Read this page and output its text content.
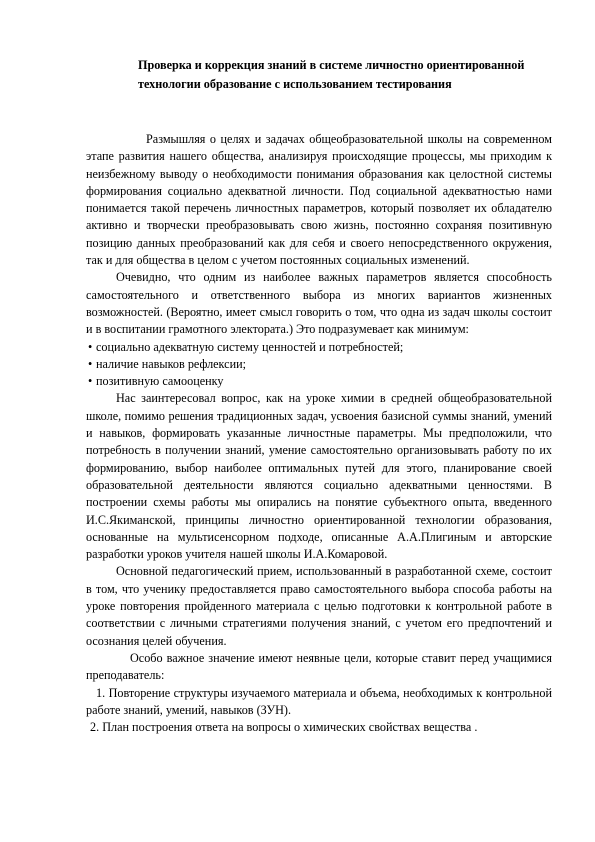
Проверка и коррекция знаний в системе личностно ориентированной технологии образование с использованием тестирования

Размышляя о целях и задачах общеобразовательной школы на современном этапе развития нашего общества, анализируя происходящие процессы, мы приходим к неизбежному выводу о необходимости понимания образования как целостной системы формирования социально адекватной личности. Под социальной адекватностью нами понимается такой перечень личностных параметров, который позволяет их обладателю активно и творчески преобразовывать свою жизнь, постоянно сохраняя позитивную позицию данных преобразований как для себя и своего непосредственного окружения, так и для общества в целом с учетом постоянных социальных изменений.

Очевидно, что одним из наиболее важных параметров является способность самостоятельного и ответственного выбора из многих вариантов жизненных возможностей. (Вероятно, имеет смысл говорить о том, что одна из задач школы состоит и в воспитании грамотного электората.) Это подразумевает как минимум:

• социально адекватную систему ценностей и потребностей;

• наличие навыков рефлексии;

• позитивную самооценку

Нас заинтересовал вопрос, как на уроке химии в средней общеобразовательной школе, помимо решения традиционных задач, усвоения базисной суммы знаний, умений и навыков, формировать указанные личностные параметры. Мы предположили, что потребность в получении знаний, умение самостоятельно организовывать работу по их формированию, выбор наиболее оптимальных путей для этого, планирование своей образовательной деятельности являются социально адекватными ценностями. В построении схемы работы мы опирались на понятие субъектного опыта, введенного И.С.Якиманской, принципы личностно ориентированной технологии образования, основанные на мультисенсорном подходе, описанные А.А.Плигиным и авторские разработки уроков учителя нашей школы И.А.Комаровой.

Основной педагогический прием, использованный в разработанной схеме, состоит в том, что ученику предоставляется право самостоятельного выбора способа работы на уроке повторения пройденного материала с целью подготовки к контрольной работе в соответствии с личными стратегиями получения знаний, с учетом его предпочтений и осознания целей обучения.

Особо важное значение имеют неявные цели, которые ставит перед учащимися преподаватель:

1. Повторение структуры изучаемого материала и объема, необходимых к контрольной работе знаний, умений, навыков (ЗУН).

2. План построения ответа на вопросы о химических свойствах вещества .
